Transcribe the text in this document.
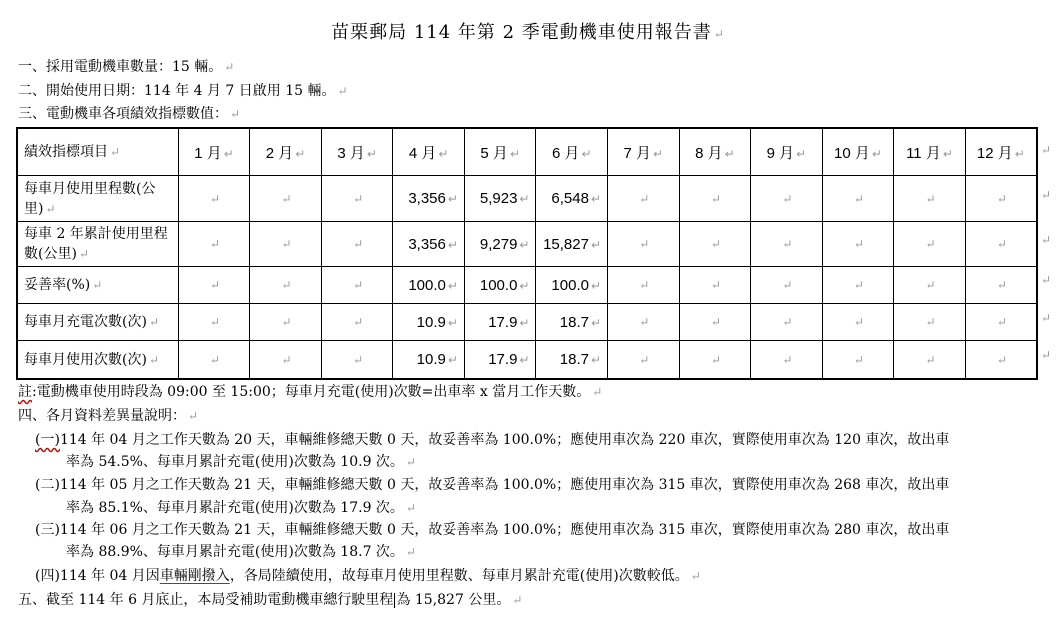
苗栗郵局 114 年第 2 季電動機車使用報告書 ↵
一、採用電動機車數量：15 輛。 ↵
二、開始使用日期：114 年 4 月 7 日啟用 15 輛。 ↵
三、電動機車各項績效指標數值： ↵
績效指標項目 ↵	1 月 ↵	2 月 ↵	3 月 ↵	4 月 ↵	5 月 ↵	6 月 ↵	7 月 ↵	8 月 ↵	9 月 ↵	10 月 ↵	11 月 ↵	12 月 ↵
每車月使用里程數(公里) ↵	↵	↵	↵	3,356 ↵	5,923 ↵	6,548 ↵	↵	↵	↵	↵	↵	↵
每車 2 年累計使用里程數(公里) ↵	↵	↵	↵	3,356 ↵	9,279 ↵	15,827 ↵	↵	↵	↵	↵	↵	↵
妥善率(%) ↵	↵	↵	↵	100.0 ↵	100.0 ↵	100.0 ↵	↵	↵	↵	↵	↵	↵
每車月充電次數(次) ↵	↵	↵	↵	10.9 ↵	17.9 ↵	18.7 ↵	↵	↵	↵	↵	↵	↵
每車月使用次數(次) ↵	↵	↵	↵	10.9 ↵	17.9 ↵	18.7 ↵	↵	↵	↵	↵	↵	↵
↵
↵
↵
↵
↵
↵
註:電動機車使用時段為 09:00 至 15:00；每車月充電(使用)次數=出車率 x 當月工作天數。 ↵
四、各月資料差異量說明： ↵
(一)114 年 04 月之工作天數為 20 天，車輛維修總天數 0 天，故妥善率為 100.0%；應使用車次為 220 車次，實際使用車次為 120 車次，故出車
率為 54.5%、每車月累計充電(使用)次數為 10.9 次。 ↵
(二)114 年 05 月之工作天數為 21 天，車輛維修總天數 0 天，故妥善率為 100.0%；應使用車次為 315 車次，實際使用車次為 268 車次，故出車
率為 85.1%、每車月累計充電(使用)次數為 17.9 次。 ↵
(三)114 年 06 月之工作天數為 21 天，車輛維修總天數 0 天，故妥善率為 100.0%；應使用車次為 315 車次，實際使用車次為 280 車次，故出車
率為 88.9%、每車月累計充電(使用)次數為 18.7 次。 ↵
(四)114 年 04 月因車輛剛撥入，各局陸續使用，故每車月使用里程數、每車月累計充電(使用)次數較低。 ↵
五、截至 114 年 6 月底止，本局受補助電動機車總行駛里程 為 15,827 公里。 ↵
